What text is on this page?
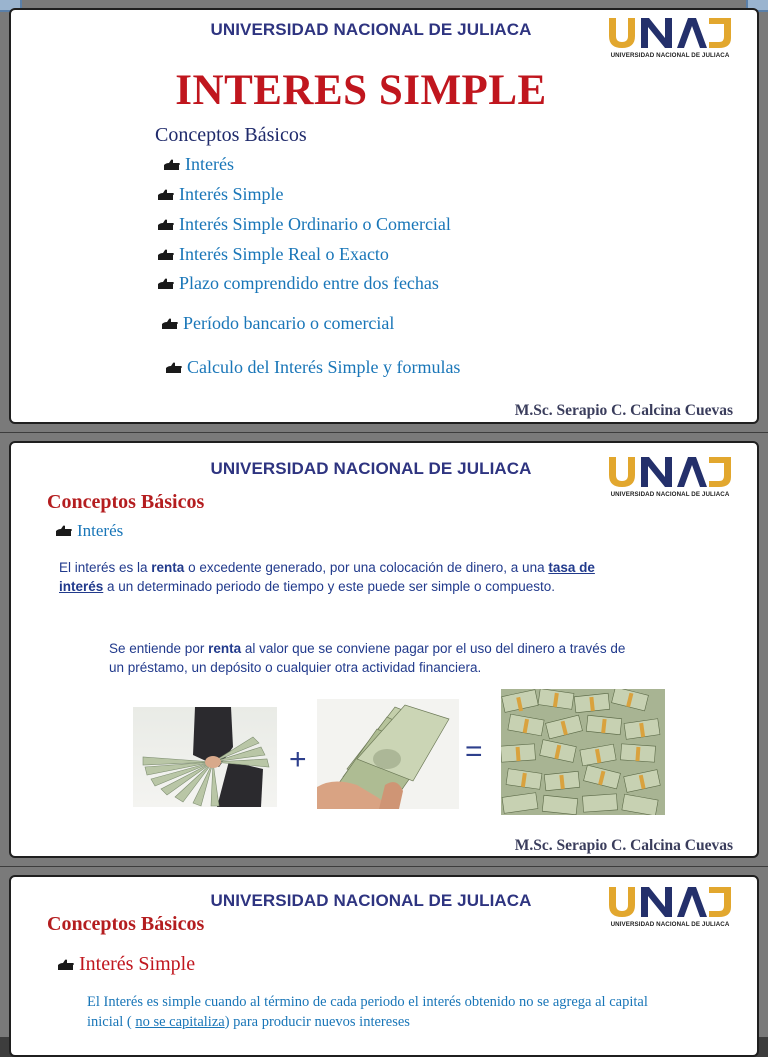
UNIVERSIDAD NACIONAL DE JULIACA
UNIVERSIDAD NACIONAL DE JULIACA
INTERES SIMPLE
Conceptos Básicos
Interés
Interés Simple
Interés Simple Ordinario o Comercial
Interés Simple Real o Exacto
Plazo comprendido entre dos fechas
Período bancario o comercial
Calculo del Interés Simple y formulas
M.Sc. Serapio C. Calcina Cuevas
UNIVERSIDAD NACIONAL DE JULIACA
UNIVERSIDAD NACIONAL DE JULIACA
Conceptos Básicos
Interés
El interés es la renta o excedente generado, por una colocación de dinero, a una tasa de interés a un determinado periodo de tiempo y este puede ser simple o compuesto.
Se entiende por renta al valor que se conviene pagar por el uso del dinero a través de un préstamo, un depósito o cualquier otra actividad financiera.
+	=
M.Sc. Serapio C. Calcina Cuevas
UNIVERSIDAD NACIONAL DE JULIACA
UNIVERSIDAD NACIONAL DE JULIACA
Conceptos Básicos
Interés Simple
El Interés es simple cuando al término de cada periodo el interés obtenido no se agrega al capital inicial ( no se capitaliza) para producir nuevos intereses
